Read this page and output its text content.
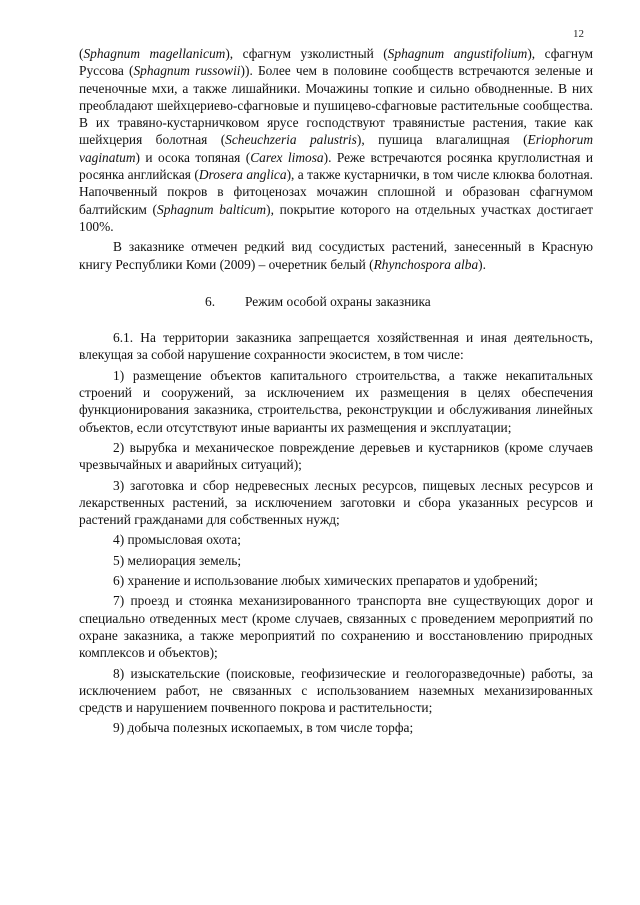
12

(Sphagnum magellanicum), сфагнум узколистный (Sphagnum angustifolium), сфагнум Руссова (Sphagnum russowii)). Более чем в половине сообществ встречаются зеленые и печеночные мхи, а также лишайники. Мочажины топкие и сильно обводненные. В них преобладают шейхцериево-сфагновые и пушицево-сфагновые растительные сообщества. В их травяно-кустарничковом ярусе господствуют травянистые растения, такие как шейхцерия болотная (Scheuchzeria palustris), пушица влагалищная (Eriophorum vaginatum) и осока топяная (Carex limosa). Реже встречаются росянка круглолистная и росянка английская (Drosera anglica), а также кустарнички, в том числе клюква болотная. Напочвенный покров в фитоценозах мочажин сплошной и образован сфагнумом балтийским (Sphagnum balticum), покрытие которого на отдельных участках достигает 100%.

В заказнике отмечен редкий вид сосудистых растений, занесенный в Красную книгу Республики Коми (2009) – очеретник белый (Rhynchospora alba).

6. Режим особой охраны заказника

6.1. На территории заказника запрещается хозяйственная и иная деятельность, влекущая за собой нарушение сохранности экосистем, в том числе:

1) размещение объектов капитального строительства, а также некапитальных строений и сооружений, за исключением их размещения в целях обеспечения функционирования заказника, строительства, реконструкции и обслуживания линейных объектов, если отсутствуют иные варианты их размещения и эксплуатации;

2) вырубка и механическое повреждение деревьев и кустарников (кроме случаев чрезвычайных и аварийных ситуаций);

3) заготовка и сбор недревесных лесных ресурсов, пищевых лесных ресурсов и лекарственных растений, за исключением заготовки и сбора указанных ресурсов и растений гражданами для собственных нужд;

4) промысловая охота;

5) мелиорация земель;

6) хранение и использование любых химических препаратов и удобрений;

7) проезд и стоянка механизированного транспорта вне существующих дорог и специально отведенных мест (кроме случаев, связанных с проведением мероприятий по охране заказника, а также мероприятий по сохранению и восстановлению природных комплексов и объектов);

8) изыскательские (поисковые, геофизические и геологоразведочные) работы, за исключением работ, не связанных с использованием наземных механизированных средств и нарушением почвенного покрова и растительности;

9) добыча полезных ископаемых, в том числе торфа;
